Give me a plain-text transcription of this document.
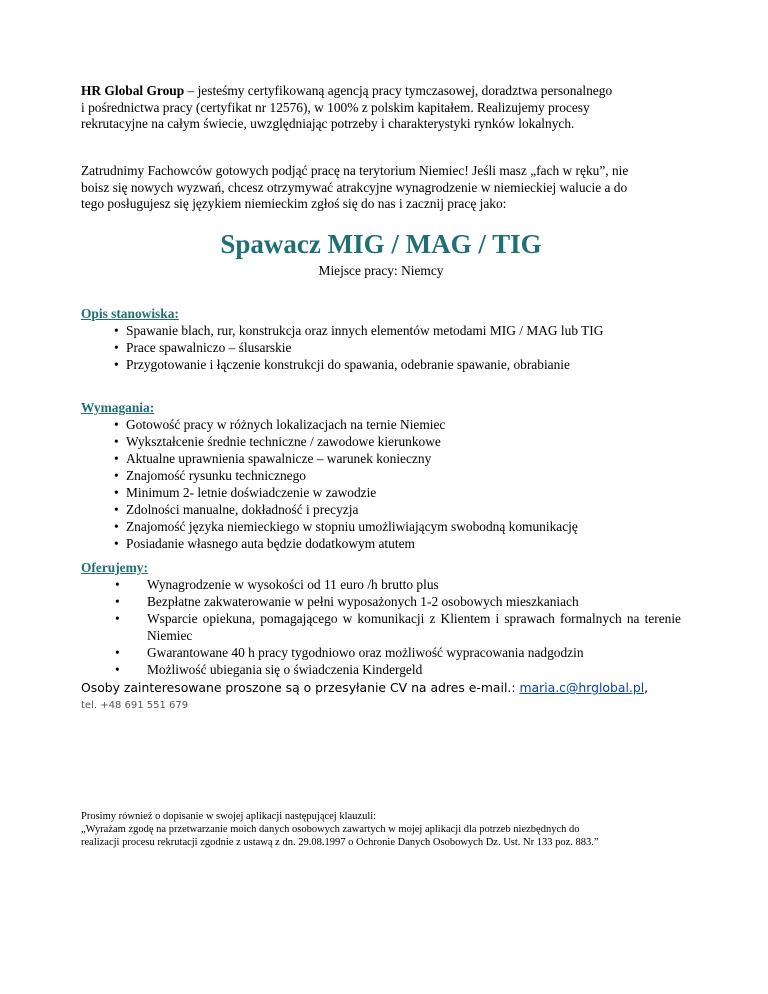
HR Global Group – jesteśmy certyfikowaną agencją pracy tymczasowej, doradztwa personalnego

i pośrednictwa pracy (certyfikat nr 12576), w 100% z polskim kapitałem. Realizujemy procesy

rekrutacyjne na całym świecie, uwzględniając potrzeby i charakterystyki rynków lokalnych.

Zatrudnimy Fachowców gotowych podjąć pracę na terytorium Niemiec! Jeśli masz „fach w ręku”, nie

boisz się nowych wyzwań, chcesz otrzymywać atrakcyjne wynagrodzenie w niemieckiej walucie a do

tego posługujesz się językiem niemieckim zgłoś się do nas i zacznij pracę jako:

Spawacz MIG / MAG / TIG
Miejsce pracy: Niemcy

Opis stanowiska:

• Spawanie blach, rur, konstrukcja oraz innych elementów metodami MIG / MAG lub TIG
• Prace spawalniczo – ślusarskie
• Przygotowanie i łączenie konstrukcji do spawania, odebranie spawanie, obrabianie

Wymagania:

• Gotowość pracy w różnych lokalizacjach na ternie Niemiec
• Wykształcenie średnie techniczne / zawodowe kierunkowe
• Aktualne uprawnienia spawalnicze – warunek konieczny
• Znajomość rysunku technicznego
• Minimum 2- letnie doświadczenie w zawodzie
• Zdolności manualne, dokładność i precyzja
• Znajomość języka niemieckiego w stopniu umożliwiającym swobodną komunikację
• Posiadanie własnego auta będzie dodatkowym atutem

Oferujemy:

• Wynagrodzenie w wysokości od 11 euro /h brutto plus
• Bezpłatne zakwaterowanie w pełni wyposażonych 1-2 osobowych mieszkaniach
• Wsparcie opiekuna, pomagającego w komunikacji z Klientem i sprawach formalnych na terenie Niemiec
• Gwarantowane 40 h pracy tygodniowo oraz możliwość wypracowania nadgodzin
• Możliwość ubiegania się o świadczenia Kindergeld
Osoby zainteresowane proszone są o przesyłanie CV na adres e-mail.: maria.c@hrglobal.pl,
tel. +48 691 551 679

Prosimy również o dopisanie w swojej aplikacji następującej klauzuli:

„Wyrażam zgodę na przetwarzanie moich danych osobowych zawartych w mojej aplikacji dla potrzeb niezbędnych do

realizacji procesu rekrutacji zgodnie z ustawą z dn. 29.08.1997 o Ochronie Danych Osobowych Dz. Ust. Nr 133 poz. 883.”
